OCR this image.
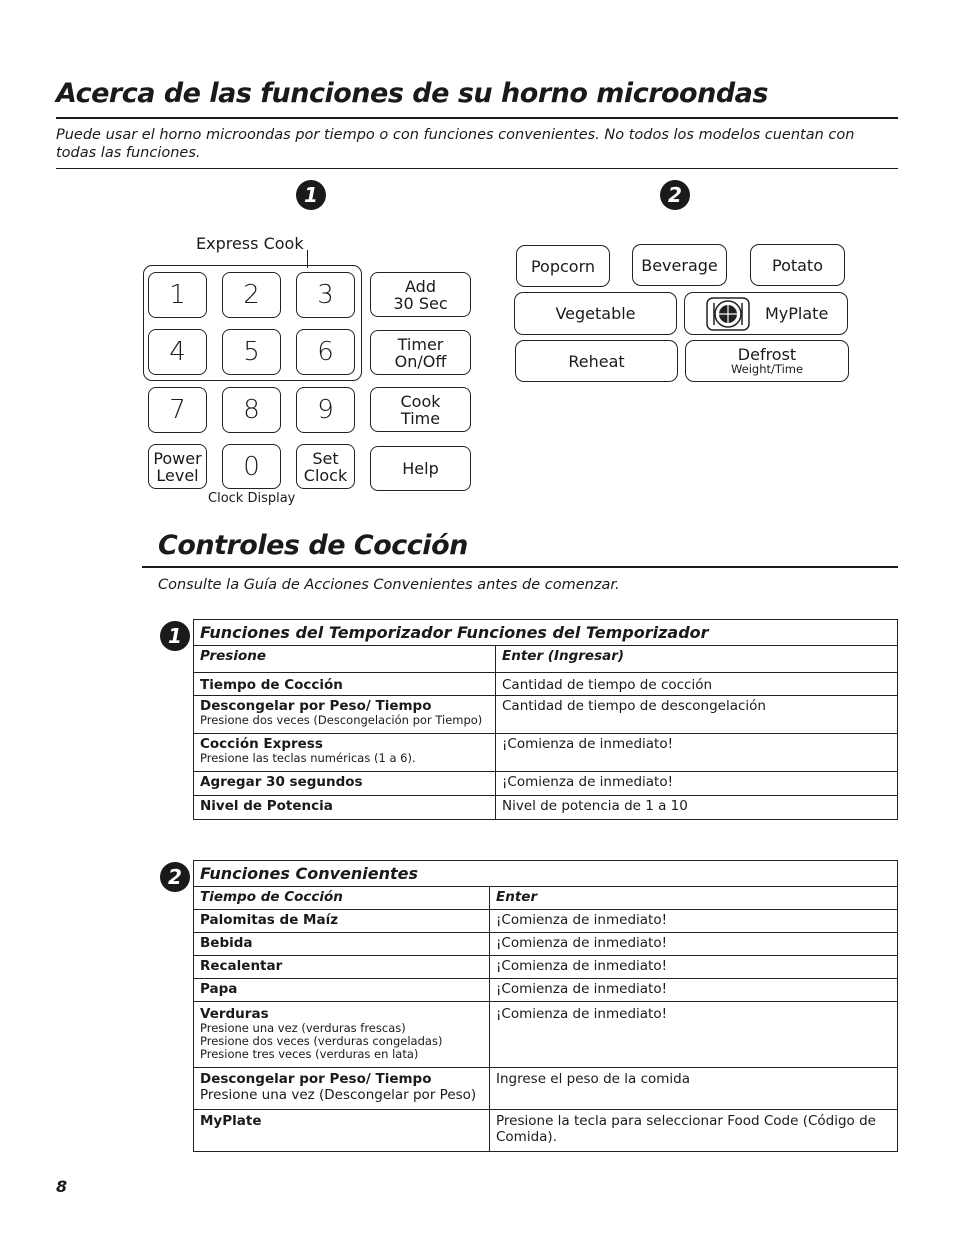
Acerca de las funciones de su horno microondas
Puede usar el horno microondas por tiempo o con funciones convenientes. No todos los modelos cuentan con todas las funciones.
1
Express Cook
1	2	3
4	5	6
7	8	9
Power
Level	0	Set
Clock
Clock Display
Add
30 Sec
Timer
On/Off
Cook
Time
Help
2
Popcorn	Beverage	Potato
Vegetable	MyPlate
Reheat	Defrost
Weight/Time
Controles de Cocción
Consulte la Guía de Acciones Convenientes antes de comenzar.
1	Funciones del Temporizador Funciones del Temporizador	
Presione	Enter (Ingresar)
Tiempo de Cocción	Cantidad de tiempo de cocción
Descongelar por Peso/ Tiempo
Presione dos veces (Descongelación por Tiempo)	Cantidad de tiempo de descongelación
Cocción Express
Presione las teclas numéricas (1 a 6).	¡Comienza de inmediato!
Agregar 30 segundos	¡Comienza de inmediato!
Nivel de Potencia	Nivel de potencia de 1 a 10
2	Funciones Convenientes	
Tiempo de Cocción	Enter
Palomitas de Maíz	¡Comienza de inmediato!
Bebida	¡Comienza de inmediato!
Recalentar	¡Comienza de inmediato!
Papa	¡Comienza de inmediato!
Verduras
Presione una vez (verduras frescas)
Presione dos veces (verduras congeladas)
Presione tres veces (verduras en lata)	¡Comienza de inmediato!
Descongelar por Peso/ Tiempo
Presione una vez (Descongelar por Peso)	Ingrese el peso de la comida
MyPlate	Presione la tecla para seleccionar Food Code (Código de Comida).
8
